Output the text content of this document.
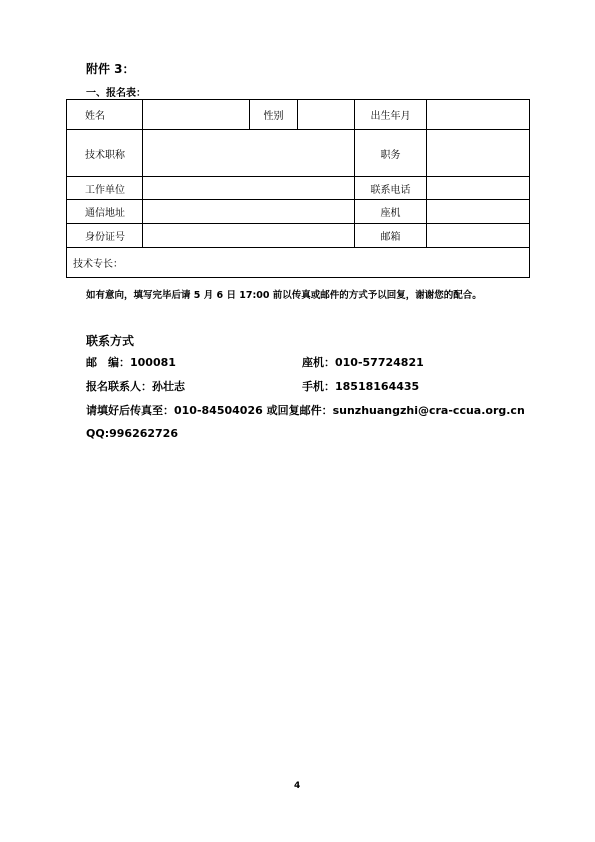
附件 3：
一、报名表：
姓名		性别		出生年月	
技术职称				职务	
工作单位				联系电话	
通信地址				座机	
身份证号				邮箱	
技术专长：					
如有意向，填写完毕后请 5 月 6 日 17:00 前以传真或邮件的方式予以回复，谢谢您的配合。
联系方式
邮　编：100081	座机：010-57724821
报名联系人：孙壮志	手机：18518164435
请填好后传真至：010-84504026 或回复邮件：sunzhuangzhi@cra-ccua.org.cn
QQ:996262726
4
